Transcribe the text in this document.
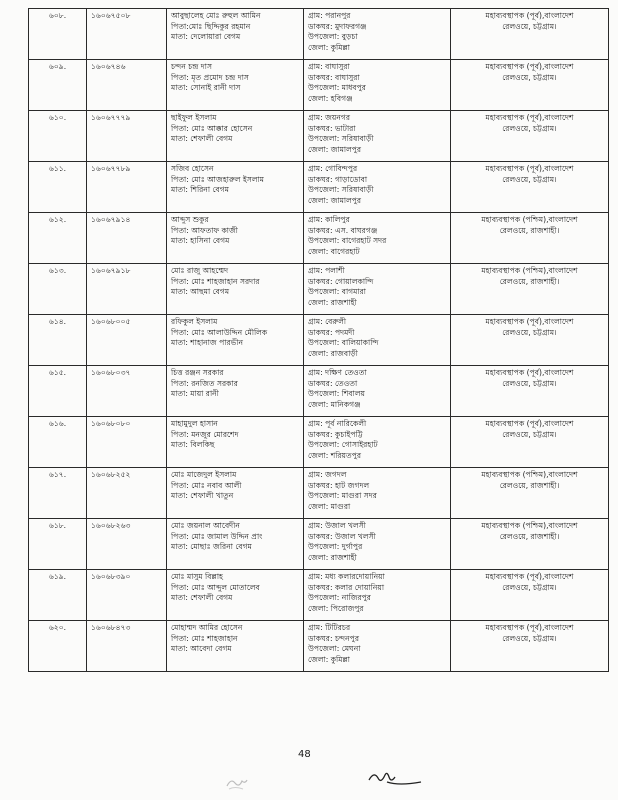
৬০৮.	১৬০৬৭৫০৮	আবুছালেহ মোঃ রুহুল আমিন
পিতা:মোঃ ছিদ্দিকুর রহমান
মাতা: দেলোয়ারা বেগম	গ্রাম: পরানপুর
ডাকঘর: মুদাফরগঞ্জ
উপজেলা: বুড়চা
জেলা: কুমিল্লা	মহাব্যবস্থাপক (পূর্ব),বাংলাদেশ
রেলওয়ে, চট্টগ্রাম।

৬০৯.	১৬০৬৭৪৬	চন্দন চন্দ্র দাস
পিতা: মৃত প্রমোদ চন্দ্র দাস
মাতা: সোনাই রানী দাস	গ্রাম: বাঘাসুরা
ডাকঘর: বাঘাসুরা
উপজেলা: মাধবপুর
জেলা: হবিগঞ্জ	মহাব্যবস্থাপক (পূর্ব),বাংলাদেশ
রেলওয়ে, চট্টগ্রাম।

৬১০.	১৬০৬৭৭৭৯	ছাইফুল ইসলাম
পিতা: মোঃ আক্কার হোসেন
মাতা: শেফালী বেগম	গ্রাম: জয়নগর
ডাকঘর: ভাটারা
উপজেলা: সরিষাবাড়ী
জেলা: জামালপুর	মহাব্যবস্থাপক (পূর্ব),বাংলাদেশ
রেলওয়ে, চট্টগ্রাম।

৬১১.	১৬০৬৭৭৮৯	সজিব হোসেন
পিতা: মোঃ আজহারুল ইসলাম
মাতা: শিরিনা বেগম	গ্রাম: গোবিন্দপুর
ডাকঘর: গাড়াডোবা
উপজেলা: সরিষাবাড়ী
জেলা: জামালপুর	মহাব্যবস্থাপক (পূর্ব),বাংলাদেশ
রেলওয়ে, চট্টগ্রাম।

৬১২.	১৬০৬৭৯১৪	আব্দুস শুকুর
পিতা: আফতাফ কাজী
মাতা: হাসিনা বেগম	গ্রাম: কালিপুর
ডাকঘর: এস. বাঘরগঞ্জ
উপজেলা: বাগেরহাট সদর
জেলা: বাগেরহাট	মহাব্যবস্থাপক (পশ্চিম),বাংলাদেশ
রেলওয়ে, রাজশাহী।

৬১৩.	১৬০৬৭৯১৮	মোঃ রাজু আহম্মেদ
পিতা: মোঃ শাহজাহান সরদার
মাতা: আছমা বেগম	গ্রাম: পলাশী
ডাকঘর: গোয়ালকান্দি
উপজেলা: বাগমারা
জেলা: রাজশাহী	মহাব্যবস্থাপক (পশ্চিম),বাংলাদেশ
রেলওয়ে, রাজশাহী।

৬১৪.	১৬০৬৮০০৫	রফিকুল ইসলাম
পিতা: মোঃ আলাউদ্দিন মৌলিক
মাতা: শাহানাজ পারভীন	গ্রাম: বেরুলী
ডাকঘর: পদমদী
উপজেলা: বালিয়াকান্দি
জেলা: রাজবাড়ী	মহাব্যবস্থাপক (পূর্ব),বাংলাদেশ
রেলওয়ে, চট্টগ্রাম।

৬১৫.	১৬০৬৮০৩৭	চিত্ত রঞ্জন সরকার
পিতা: রনজিত সরকার
মাতা: মায়া রানী	গ্রাম: দক্ষিণ তেওতা
ডাকঘর: তেওতা
উপজেলা: শিবালয়
জেলা: মানিকগঞ্জ	মহাব্যবস্থাপক (পূর্ব),বাংলাদেশ
রেলওয়ে, চট্টগ্রাম।

৬১৬.	১৬০৬৮০৮০	মাহামুদুল হাসান
পিতা: মনজুর মোরশেদ
মাতা: বিলকিছ	গ্রাম: পূর্ব নারিকেলী
ডাকঘর: কুচাইপট্টি
উপজেলা: গোসাইরহাট
জেলা: শরিয়তপুর	মহাব্যবস্থাপক (পূর্ব),বাংলাদেশ
রেলওয়ে, চট্টগ্রাম।

৬১৭.	১৬০৬৮২৫২	মোঃ মাজেদুল ইসলাম
পিতা: মোঃ নবাব আলী
মাতা: শেফালী খাতুন	গ্রাম: জগদল
ডাকঘর: হাট জগদল
উপজেলা: মাগুরা সদর
জেলা: মাগুরা	মহাব্যবস্থাপক (পশ্চিম),বাংলাদেশ
রেলওয়ে, রাজশাহী।

৬১৮.	১৬০৬৮২৬৩	মোঃ জয়নাল আবেদীন
পিতা: মোঃ জামাল উদ্দিন প্রাং
মাতা: মোছাঃ জরিনা বেগম	গ্রাম: উজাল খলসী
ডাকঘর: উজাল খলসী
উপজেলা: দুর্গাপুর
জেলা: রাজশাহী	মহাব্যবস্থাপক (পশ্চিম),বাংলাদেশ
রেলওয়ে, রাজশাহী।

৬১৯.	১৬০৬৮৩৯০	মোঃ মাসুম বিল্লাহ
পিতা: মোঃ আব্দুল মোতালেব
মাতা: শেফালী বেগম	গ্রাম: মধ্য কলারদোয়ানিয়া
ডাকঘর: কলার দোয়ানিয়া
উপজেলা: নাজিরপুর
জেলা: পিরোজপুর	মহাব্যবস্থাপক (পূর্ব),বাংলাদেশ
রেলওয়ে, চট্টগ্রাম।

৬২০.	১৬০৬৮৪৭৩	মোহাম্মদ আমির হোসেন
পিতা: মোঃ শাহজাহান
মাতা: আবেদা বেগম	গ্রাম: টিটিরচর
ডাকঘর: চন্দনপুর
উপজেলা: মেঘনা
জেলা: কুমিল্লা	মহাব্যবস্থাপক (পূর্ব),বাংলাদেশ
রেলওয়ে, চট্টগ্রাম।
48
